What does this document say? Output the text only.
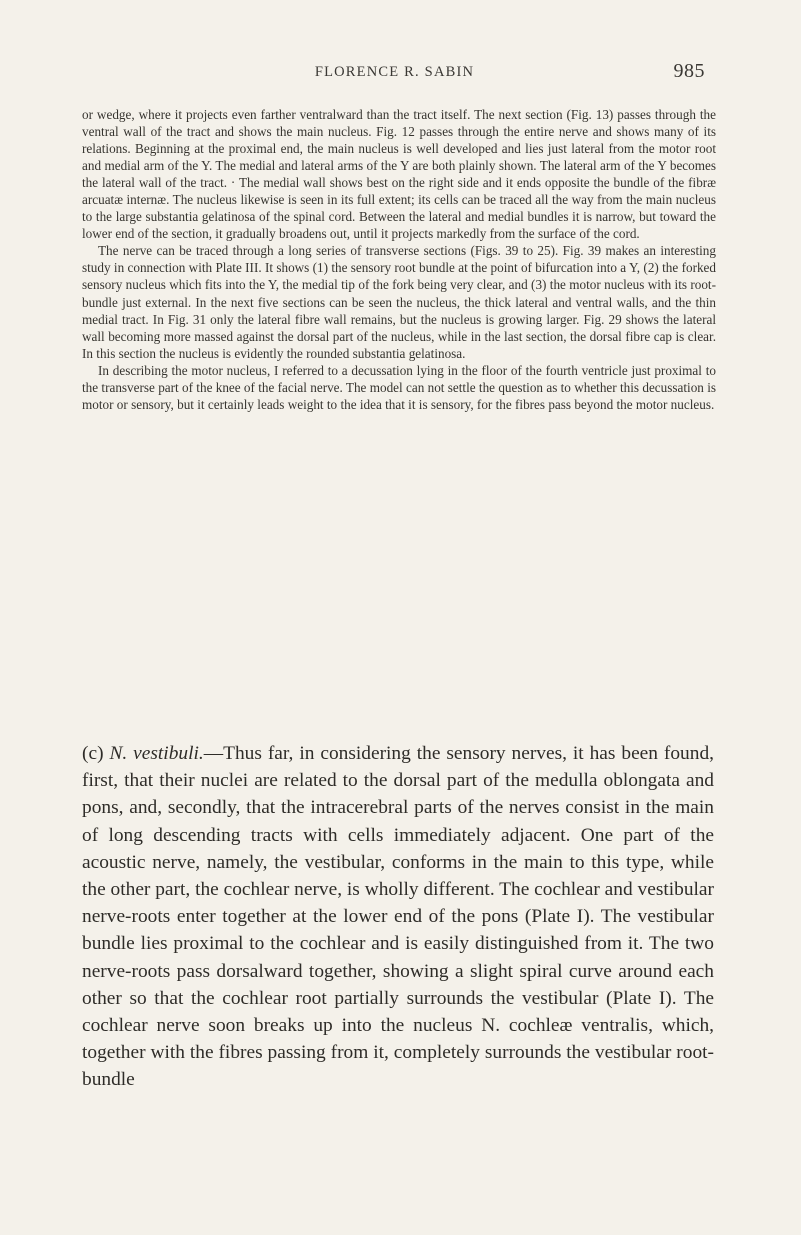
FLORENCE R. SABIN	985

or wedge, where it projects even farther ventralward than the tract itself. The next section (Fig. 13) passes through the ventral wall of the tract and shows the main nucleus. Fig. 12 passes through the entire nerve and shows many of its relations. Beginning at the proximal end, the main nucleus is well developed and lies just lateral from the motor root and medial arm of the Y. The medial and lateral arms of the Y are both plainly shown. The lateral arm of the Y becomes the lateral wall of the tract. · The medial wall shows best on the right side and it ends opposite the bundle of the fibræ arcuatæ internæ. The nucleus likewise is seen in its full extent; its cells can be traced all the way from the main nucleus to the large substantia gelatinosa of the spinal cord. Between the lateral and medial bundles it is narrow, but toward the lower end of the section, it gradually broadens out, until it projects markedly from the surface of the cord.

The nerve can be traced through a long series of transverse sections (Figs. 39 to 25). Fig. 39 makes an interesting study in connection with Plate III. It shows (1) the sensory root bundle at the point of bifurcation into a Y, (2) the forked sensory nucleus which fits into the Y, the medial tip of the fork being very clear, and (3) the motor nucleus with its root-bundle just external. In the next five sections can be seen the nucleus, the thick lateral and ventral walls, and the thin medial tract. In Fig. 31 only the lateral fibre wall remains, but the nucleus is growing larger. Fig. 29 shows the lateral wall becoming more massed against the dorsal part of the nucleus, while in the last section, the dorsal fibre cap is clear. In this section the nucleus is evidently the rounded substantia gelatinosa.

In describing the motor nucleus, I referred to a decussation lying in the floor of the fourth ventricle just proximal to the transverse part of the knee of the facial nerve. The model can not settle the question as to whether this decussation is motor or sensory, but it certainly leads weight to the idea that it is sensory, for the fibres pass beyond the motor nucleus.

(c) N. vestibuli.—Thus far, in considering the sensory nerves, it has been found, first, that their nuclei are related to the dorsal part of the medulla oblongata and pons, and, secondly, that the intracerebral parts of the nerves consist in the main of long descending tracts with cells immediately adjacent. One part of the acoustic nerve, namely, the vestibular, conforms in the main to this type, while the other part, the cochlear nerve, is wholly different. The cochlear and vestibular nerve-roots enter together at the lower end of the pons (Plate I). The vestibular bundle lies proximal to the cochlear and is easily distinguished from it. The two nerve-roots pass dorsalward together, showing a slight spiral curve around each other so that the cochlear root partially surrounds the vestibular (Plate I). The cochlear nerve soon breaks up into the nucleus N. cochleæ ventralis, which, together with the fibres passing from it, completely surrounds the vestibular root-bundle
